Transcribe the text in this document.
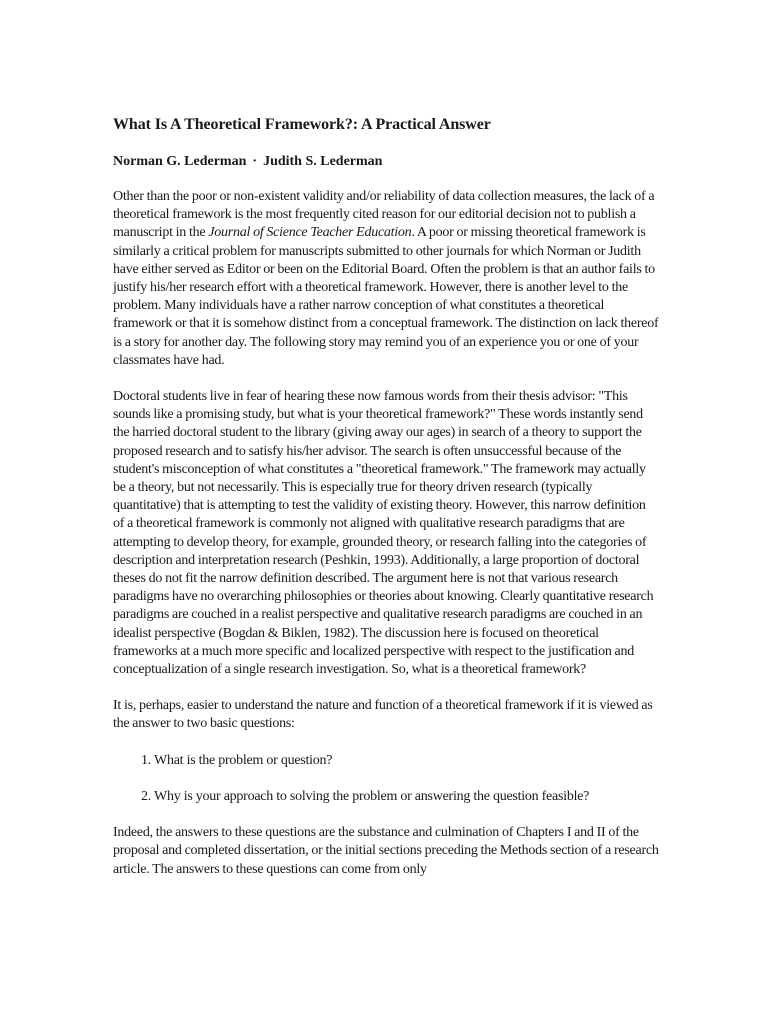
What Is A Theoretical Framework?: A Practical Answer
Norman G. Lederman · Judith S. Lederman

Other than the poor or non-existent validity and/or reliability of data collection measures, the lack of a theoretical framework is the most frequently cited reason for our editorial decision not to publish a manuscript in the Journal of Science Teacher Education. A poor or missing theoretical framework is similarly a critical problem for manuscripts submitted to other journals for which Norman or Judith have either served as Editor or been on the Editorial Board. Often the problem is that an author fails to justify his/her research effort with a theoretical framework. However, there is another level to the problem. Many individuals have a rather narrow conception of what constitutes a theoretical framework or that it is somehow distinct from a conceptual framework. The distinction on lack thereof is a story for another day. The following story may remind you of an experience you or one of your classmates have had.

Doctoral students live in fear of hearing these now famous words from their thesis advisor: "This sounds like a promising study, but what is your theoretical framework?" These words instantly send the harried doctoral student to the library (giving away our ages) in search of a theory to support the proposed research and to satisfy his/her advisor. The search is often unsuccessful because of the student's misconception of what constitutes a "theoretical framework." The framework may actually be a theory, but not necessarily. This is especially true for theory driven research (typically quantitative) that is attempting to test the validity of existing theory. However, this narrow definition of a theoretical framework is commonly not aligned with qualitative research paradigms that are attempting to develop theory, for example, grounded theory, or research falling into the categories of description and interpretation research (Peshkin, 1993). Additionally, a large proportion of doctoral theses do not fit the narrow definition described. The argument here is not that various research paradigms have no overarching philosophies or theories about knowing. Clearly quantitative research paradigms are couched in a realist perspective and qualitative research paradigms are couched in an idealist perspective (Bogdan & Biklen, 1982). The discussion here is focused on theoretical frameworks at a much more specific and localized perspective with respect to the justification and conceptualization of a single research investigation. So, what is a theoretical framework?

It is, perhaps, easier to understand the nature and function of a theoretical framework if it is viewed as the answer to two basic questions:

1. What is the problem or question?
2. Why is your approach to solving the problem or answering the question feasible?

Indeed, the answers to these questions are the substance and culmination of Chapters I and II of the proposal and completed dissertation, or the initial sections preceding the Methods section of a research article. The answers to these questions can come from only
